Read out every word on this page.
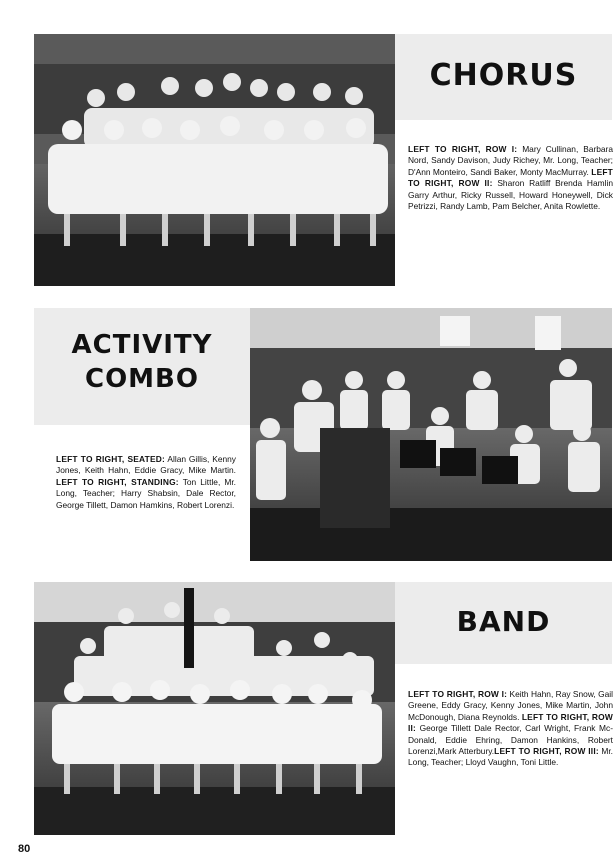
CHORUS
LEFT TO RIGHT, ROW I: Mary Cullinan, Barbara Nord, Sandy Davison, Judy Richey, Mr. Long, Teacher; D'Ann Monteiro, Sandi Baker, Monty MacMurray. LEFT TO RIGHT, ROW II: Sharon Ratliff Brenda Hamlin Garry Arthur, Ricky Russell, Howard Honeywell, Dick Petrizzi, Randy Lamb, Pam Belcher, Anita Rowlette.
ACTIVITY
COMBO
LEFT TO RIGHT, SEATED: Allan Gillis, Kenny Jones, Keith Hahn, Eddie Gracy, Mike Martin. LEFT TO RIGHT, STANDING: Ton Little, Mr. Long, Teacher; Harry Shabsin, Dale Rector, George Tillett, Damon Hamkins, Robert Lorenzi.
BAND
LEFT TO RIGHT, ROW I: Keith Hahn, Ray Snow, Gail Greene, Eddy Gracy, Kenny Jones, Mike Martin, John McDonough, Diana Reynolds. LEFT TO RIGHT, ROW II: George Tillett Dale Rector, Carl Wright, Frank Mc-Donald, Eddie Ehring, Damon Hankins, Robert Lorenzi,Mark Atterbury.LEFT TO RIGHT, ROW III: Mr. Long, Teacher; Lloyd Vaughn, Toni Little.
80
